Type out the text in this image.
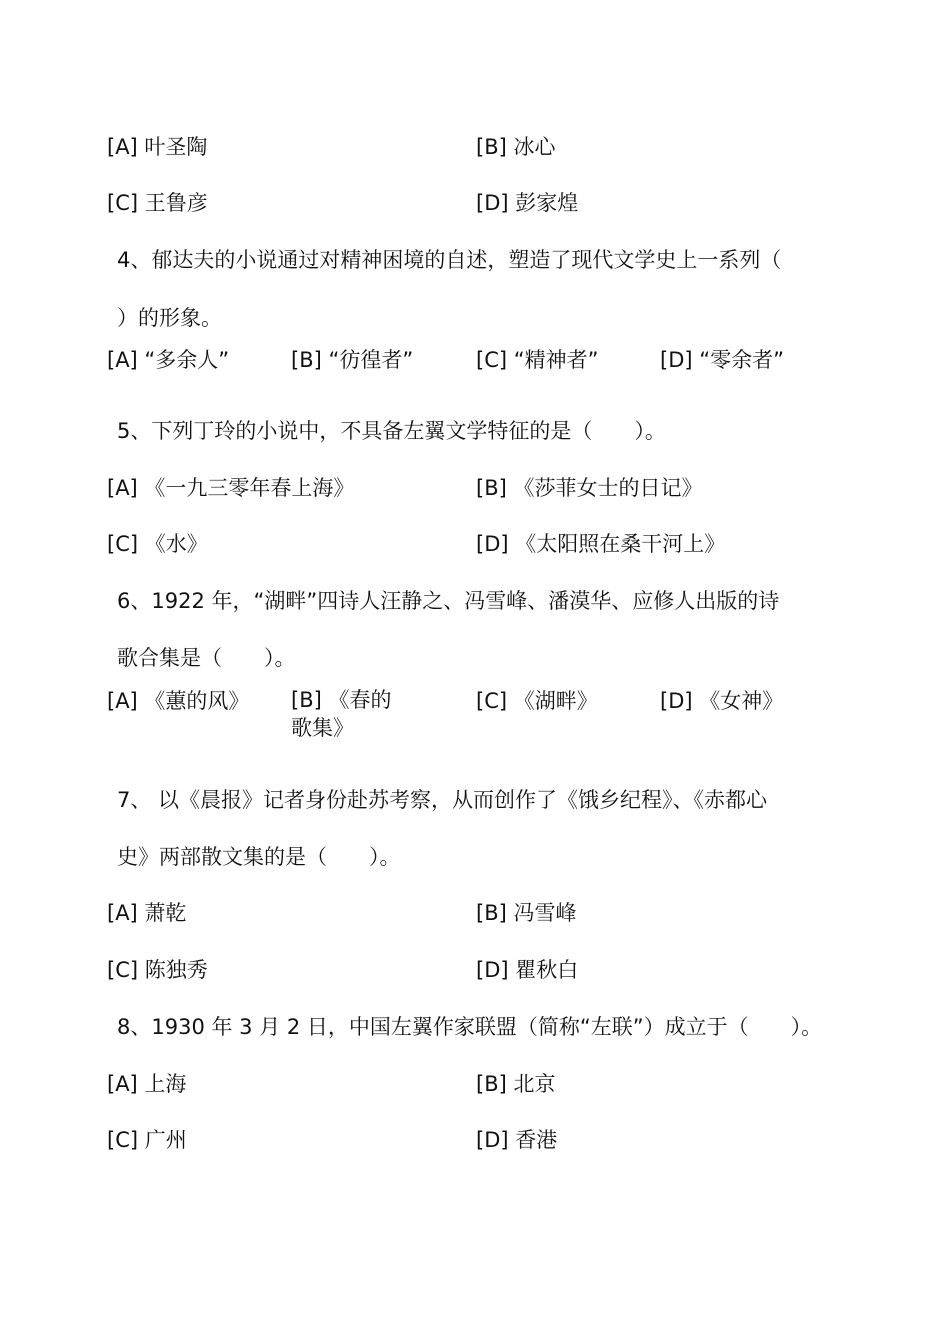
[A] 叶圣陶	[B] 冰心
[C] 王鲁彦	[D] 彭家煌
4、郁达夫的小说通过对精神困境的自述，塑造了现代文学史上一系列（
）的形象。
[A] “多余人”	[B] “彷徨者”	[C] “精神者”	[D] “零余者”
5、下列丁玲的小说中，不具备左翼文学特征的是（　　）。
[A] 《一九三零年春上海》	[B] 《莎菲女士的日记》
[C] 《水》	[D] 《太阳照在桑干河上》
6、1922 年，“湖畔”四诗人汪静之、冯雪峰、潘漠华、应修人出版的诗
歌合集是（　　）。
[A] 《蕙的风》 [B] 《春的歌集》
[C] 《湖畔》	[D] 《女神》
7、 以《晨报》记者身份赴苏考察，从而创作了《饿乡纪程》、《赤都心
史》两部散文集的是（　　）。
[A] 萧乾	[B] 冯雪峰
[C] 陈独秀	[D] 瞿秋白
8、1930 年 3 月 2 日，中国左翼作家联盟（简称“左联”）成立于（　　）。
[A] 上海	[B] 北京
[C] 广州	[D] 香港
